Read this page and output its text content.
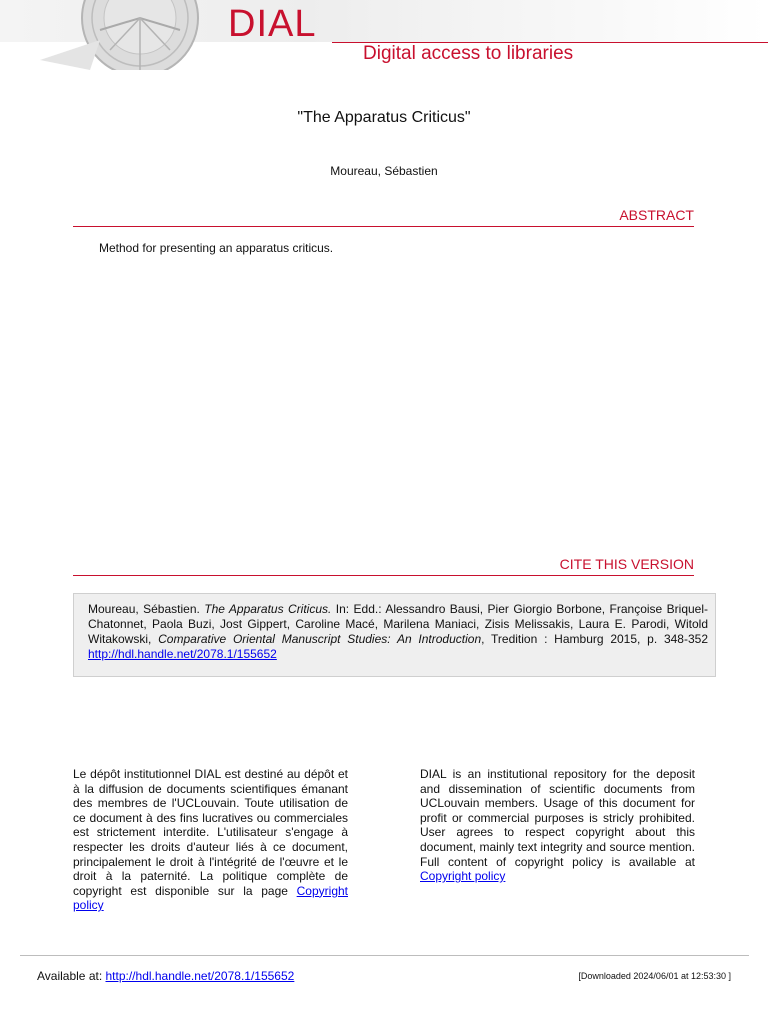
DIAL
Digital access to libraries
"The Apparatus Criticus"
Moureau, Sébastien
ABSTRACT
Method for presenting an apparatus criticus.
CITE THIS VERSION
Moureau, Sébastien. The Apparatus Criticus. In: Edd.: Alessandro Bausi, Pier Giorgio Borbone, Françoise Briquel-Chatonnet, Paola Buzi, Jost Gippert, Caroline Macé, Marilena Maniaci, Zisis Melissakis, Laura E. Parodi, Witold Witakowski, Comparative Oriental Manuscript Studies: An Introduction, Tredition : Hamburg 2015, p. 348-352 http://hdl.handle.net/2078.1/155652
Le dépôt institutionnel DIAL est destiné au dépôt et à la diffusion de documents scientifiques émanant des membres de l'UCLouvain. Toute utilisation de ce document à des fins lucratives ou commerciales est strictement interdite. L'utilisateur s'engage à respecter les droits d'auteur liés à ce document, principalement le droit à l'intégrité de l'œuvre et le droit à la paternité. La politique complète de copyright est disponible sur la page Copyright policy
DIAL is an institutional repository for the deposit and dissemination of scientific documents from UCLouvain members. Usage of this document for profit or commercial purposes is stricly prohibited. User agrees to respect copyright about this document, mainly text integrity and source mention. Full content of copyright policy is available at Copyright policy
Available at: http://hdl.handle.net/2078.1/155652	[Downloaded 2024/06/01 at 12:53:30 ]
